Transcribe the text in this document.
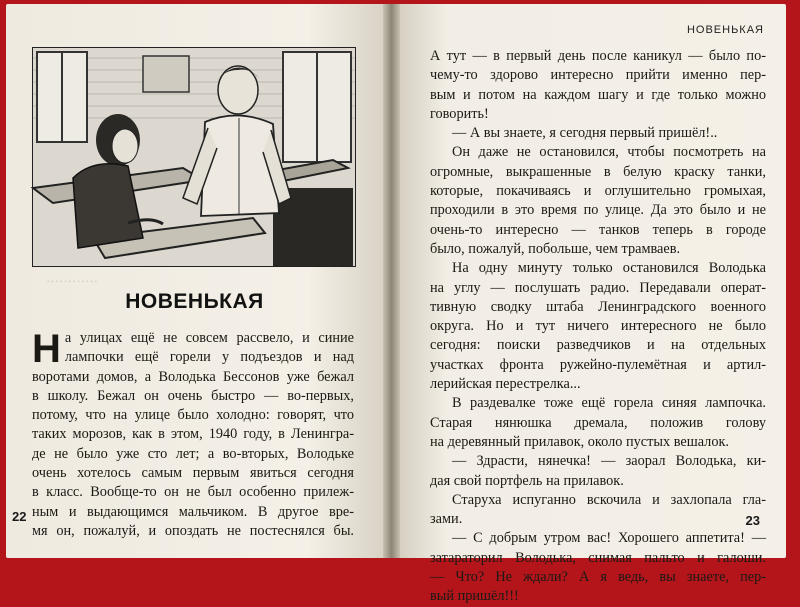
…………
НОВЕНЬКАЯ
Н а улицах ещё не совсем рассвело, и синие
лампочки ещё горели у подъездов и над
воротами домов, а Володька Бессонов уже бежал
в школу. Бежал он очень быстро — во-первых,
потому, что на улице было холодно: говорят, что
таких морозов, как в этом, 1940 году, в Ленингра-
де не было уже сто лет; а во-вторых, Володьке
очень хотелось самым первым явиться сегодня
в класс. Вообще-то он не был особенно прилеж-
ным и выдающимся мальчиком. В другое вре-
мя он, пожалуй, и опоздать не постеснялся бы.
22
НОВЕНЬКАЯ
А тут — в первый день после каникул — было по-
чему-то здорово интересно прийти именно пер-
вым и потом на каждом шагу и где только можно
говорить!
— А вы знаете, я сегодня первый пришёл!..
Он даже не остановился, чтобы посмотреть на
огромные, выкрашенные в белую краску танки,
которые, покачиваясь и оглушительно громыхая,
проходили в это время по улице. Да это было и не
очень-то интересно — танков теперь в городе
было, пожалуй, побольше, чем трамваев.
На одну минуту только остановился Володька
на углу — послушать радио. Передавали операт-
тивную сводку штаба Ленинградского военного
округа. Но и тут ничего интересного не было
сегодня: поиски разведчиков и на отдельных
участках фронта ружейно-пулемётная и артил-
лерийская перестрелка...
В раздевалке тоже ещё горела синяя лампочка.
Старая нянюшка дремала, положив голову
на деревянный прилавок, около пустых вешалок.
— Здрасти, нянечка! — заорал Володька, ки-
дая свой портфель на прилавок.
Старуха испуганно вскочила и захлопала гла-
зами.
— С добрым утром вас! Хорошего аппетита! —
затараторил Володька, снимая пальто и галоши.
— Что? Не ждали? А я ведь, вы знаете, пер-
вый пришёл!!!
23
